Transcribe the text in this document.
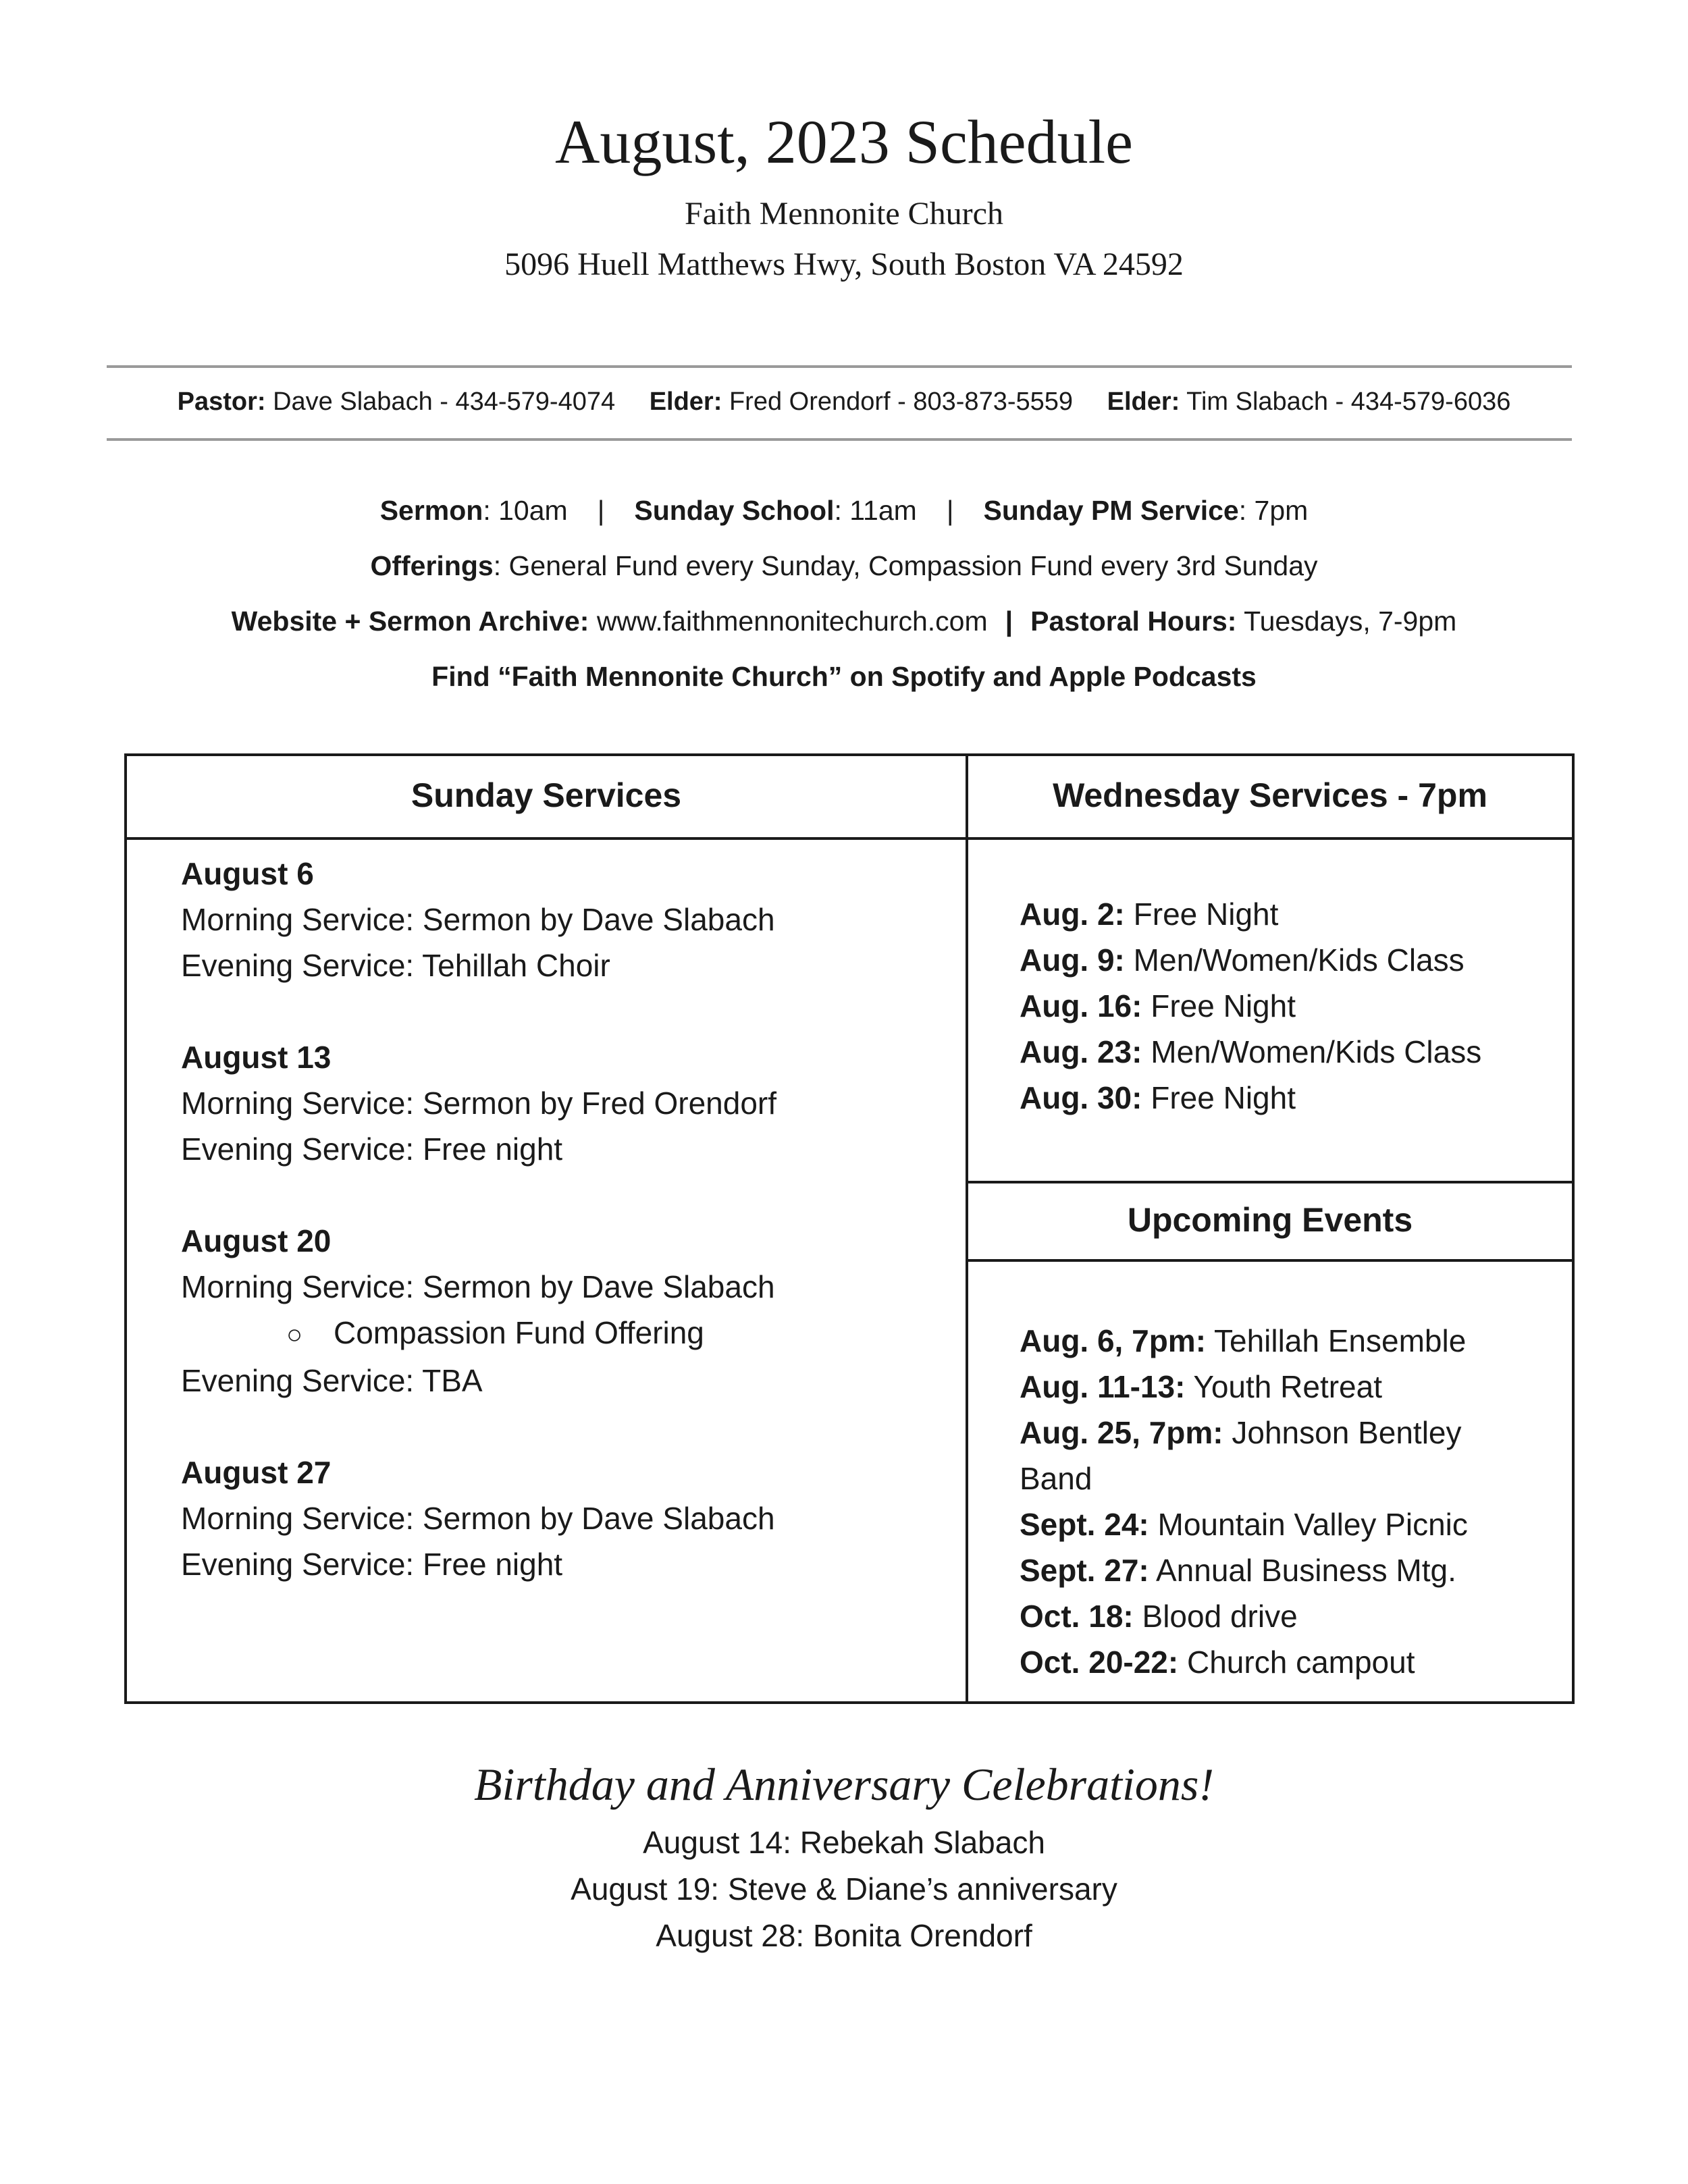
August, 2023 Schedule
Faith Mennonite Church
5096 Huell Matthews Hwy, South Boston VA 24592
Pastor: Dave Slabach - 434-579-4074 Elder: Fred Orendorf - 803-873-5559 Elder: Tim Slabach - 434-579-6036
Sermon: 10am | Sunday School: 11am | Sunday PM Service: 7pm
Offerings: General Fund every Sunday, Compassion Fund every 3rd Sunday
Website + Sermon Archive: www.faithmennonitechurch.com | Pastoral Hours: Tuesdays, 7-9pm
Find “Faith Mennonite Church” on Spotify and Apple Podcasts
Sunday Services	Wednesday Services - 7pm
Upcoming Events
August 6
Morning Service: Sermon by Dave Slabach
Evening Service: Tehillah Choir
August 13
Morning Service: Sermon by Fred Orendorf
Evening Service: Free night
August 20
Morning Service: Sermon by Dave Slabach
○ Compassion Fund Offering
Evening Service: TBA
August 27
Morning Service: Sermon by Dave Slabach
Evening Service: Free night
Aug. 2: Free Night
Aug. 9: Men/Women/Kids Class
Aug. 16: Free Night
Aug. 23: Men/Women/Kids Class
Aug. 30: Free Night
Aug. 6, 7pm: Tehillah Ensemble
Aug. 11-13: Youth Retreat
Aug. 25, 7pm: Johnson Bentley Band
Sept. 24: Mountain Valley Picnic
Sept. 27: Annual Business Mtg.
Oct. 18: Blood drive
Oct. 20-22: Church campout
Birthday and Anniversary Celebrations!
August 14: Rebekah Slabach
August 19: Steve & Diane’s anniversary
August 28: Bonita Orendorf
